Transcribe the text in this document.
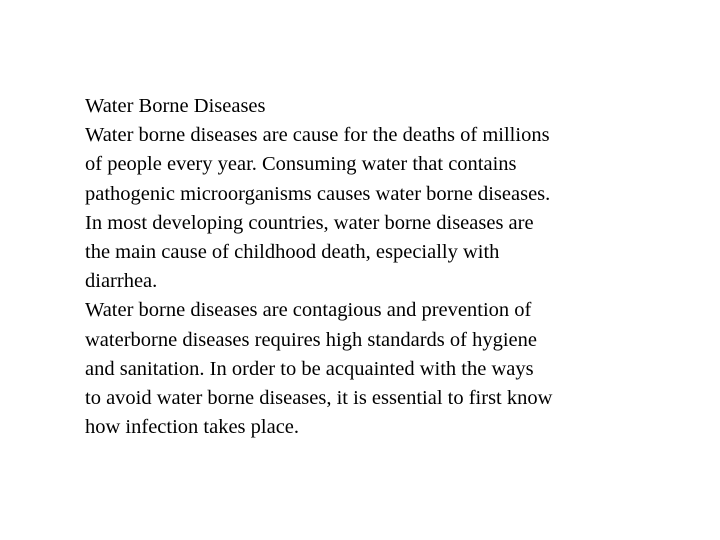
Water Borne Diseases
Water borne diseases are cause for the deaths of millions
of people every year. Consuming water that contains
pathogenic microorganisms causes water borne diseases.
In most developing countries, water borne diseases are
the main cause of childhood death, especially with
diarrhea.
Water borne diseases are contagious and prevention of
waterborne diseases requires high standards of hygiene
and sanitation. In order to be acquainted with the ways
to avoid water borne diseases, it is essential to first know
how infection takes place.
